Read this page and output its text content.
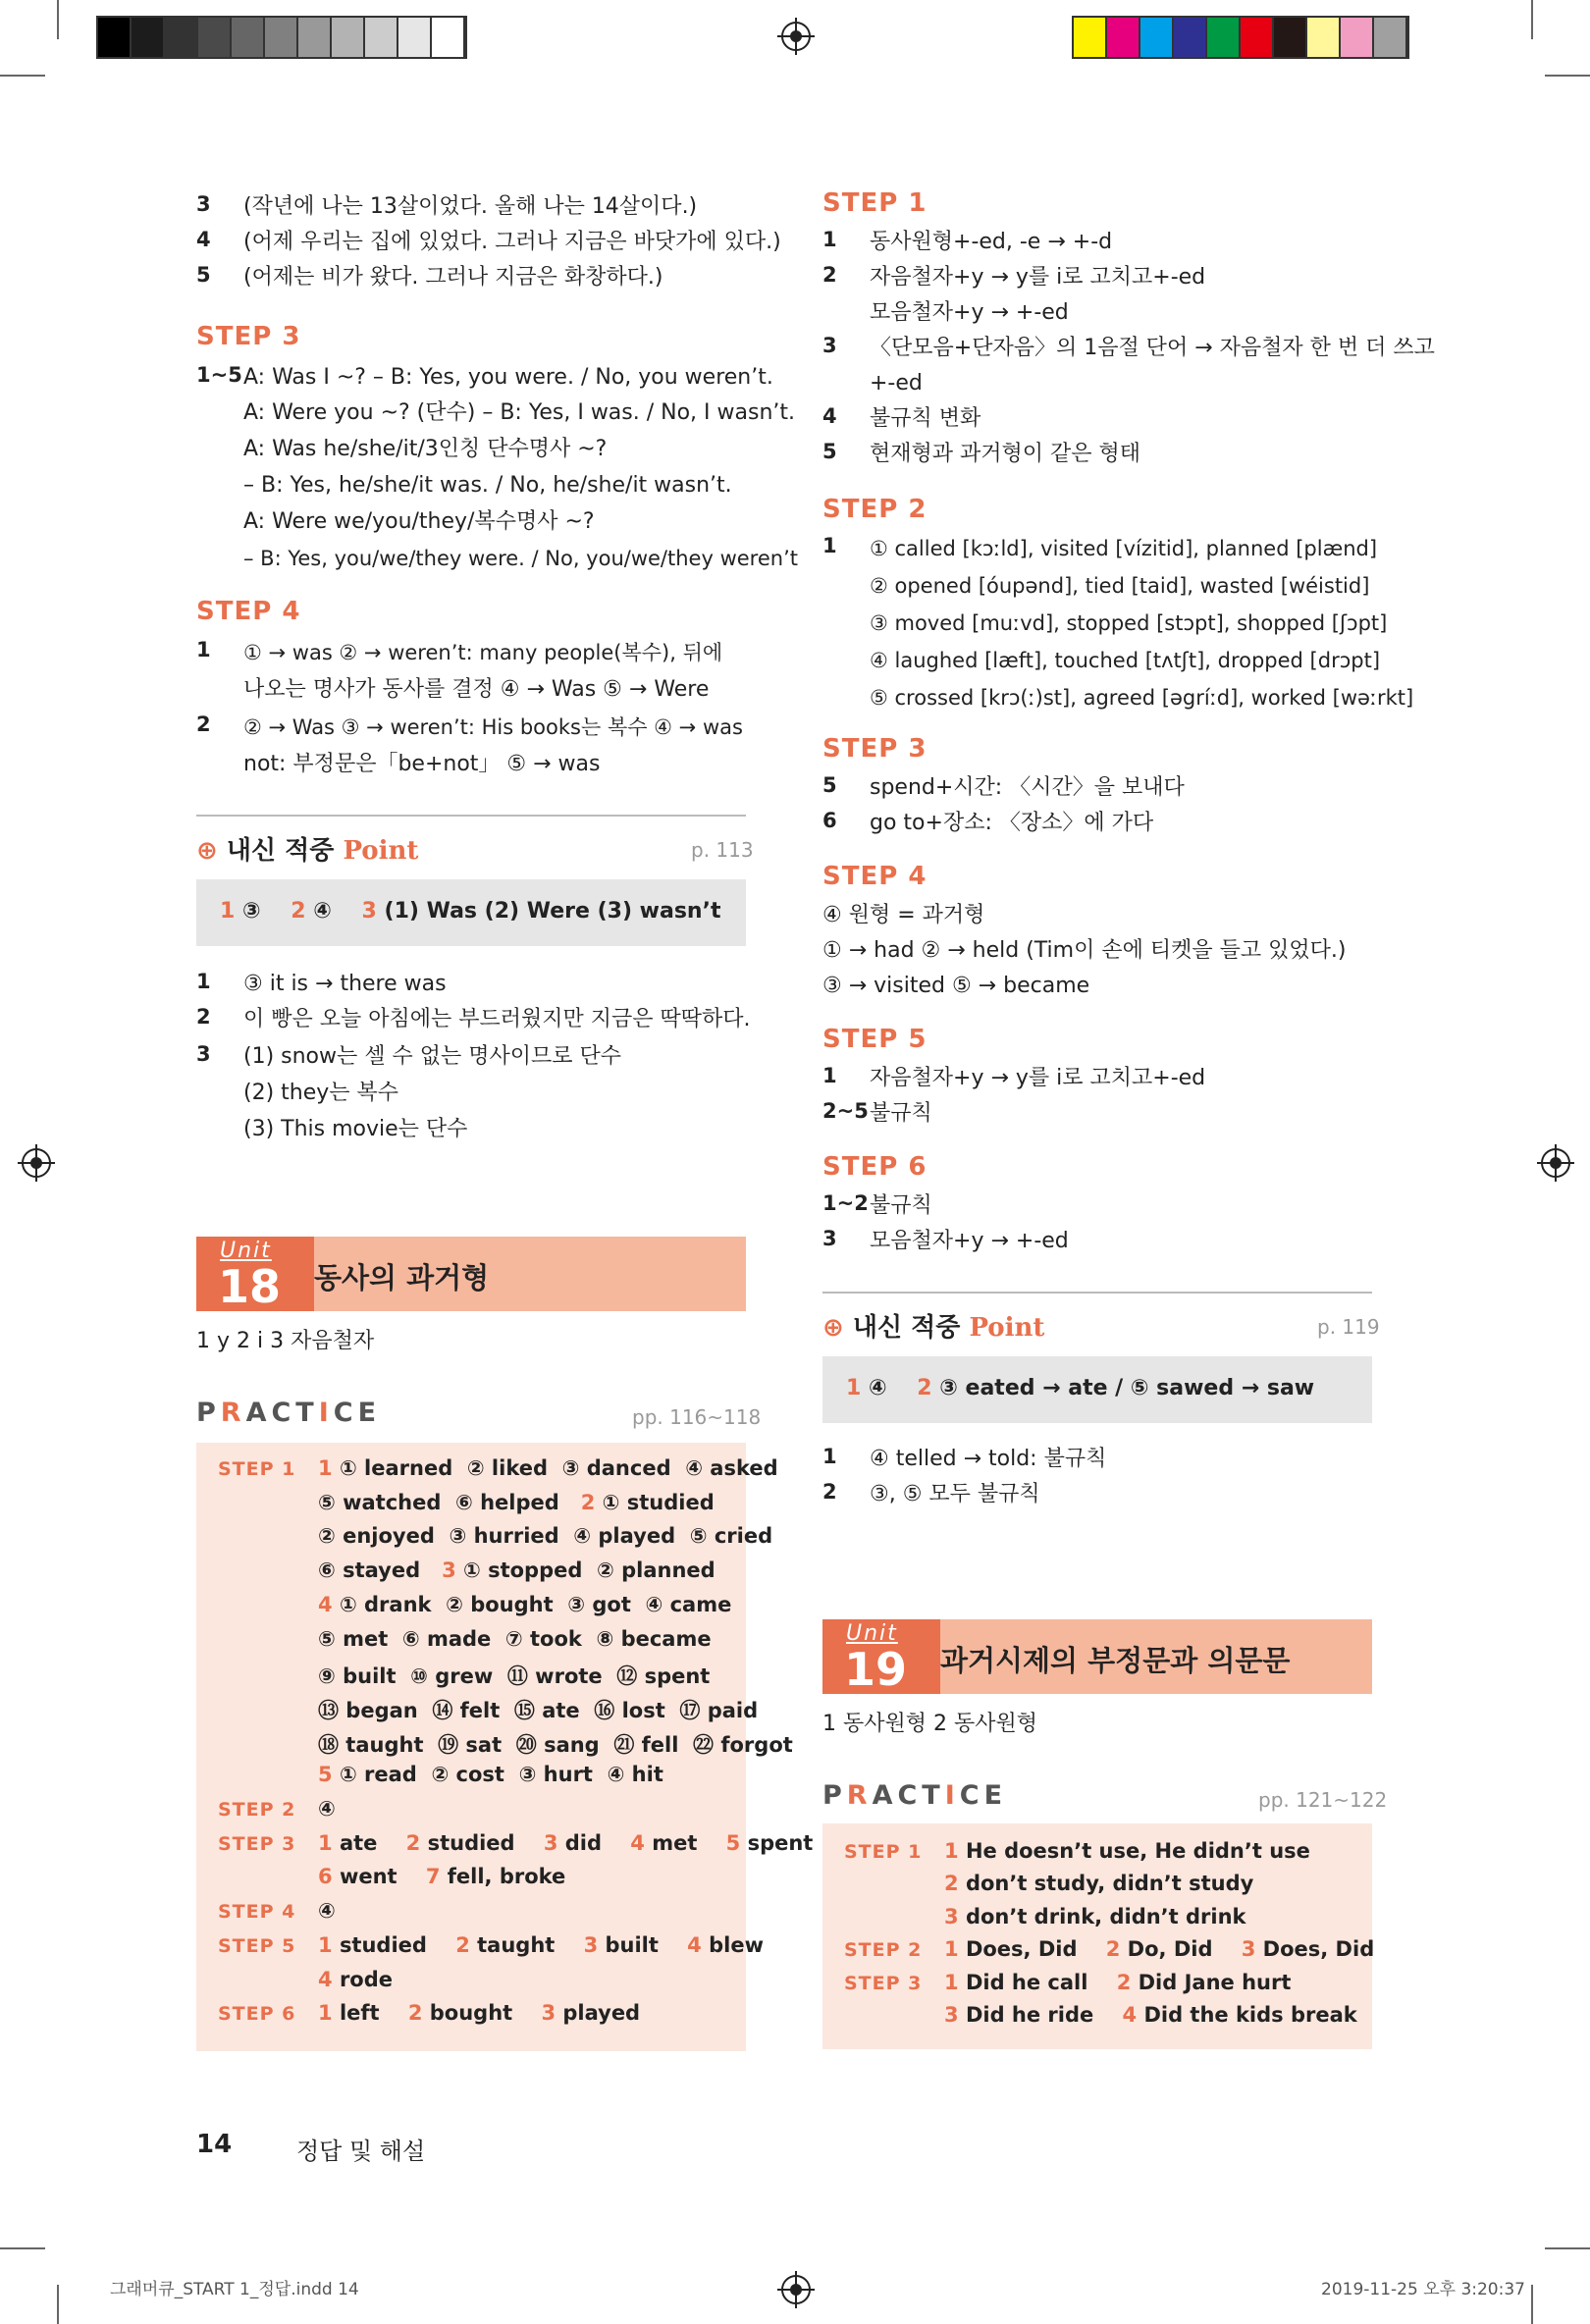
3 (작년에 나는 13살이었다. 올해 나는 14살이다.)
4 (어제 우리는 집에 있었다. 그러나 지금은 바닷가에 있다.)
5 (어제는 비가 왔다. 그러나 지금은 화창하다.)
STEP 3
1~5 A: Was I ~? – B: Yes, you were. / No, you weren’t.
A: Were you ~? (단수) – B: Yes, I was. / No, I wasn’t.
A: Was he/she/it/3인칭 단수명사 ~?
– B: Yes, he/she/it was. / No, he/she/it wasn’t.
A: Were we/you/they/복수명사 ~?
– B: Yes, you/we/they were. / No, you/we/they weren’t
STEP 4
1 ① → was ② → weren’t: many people(복수), 뒤에
나오는 명사가 동사를 결정 ④ → Was ⑤ → Were
2 ② → Was ③ → weren’t: His books는 복수 ④ → was
not: 부정문은「be+not」 ⑤ → was
⊕ 내신 적중 Point	p. 113
1 ③ 2 ④ 3 (1) Was (2) Were (3) wasn’t
1 ③ it is → there was
2 이 빵은 오늘 아침에는 부드러웠지만 지금은 딱딱하다.
3 (1) snow는 셀 수 없는 명사이므로 단수
(2) they는 복수
(3) This movie는 단수
Unit
18 동사의 과거형
1 y 2 i 3 자음철자
PRACTICE	pp. 116~118
STEP 1 1 ① learned  ② liked  ③ danced  ④ asked
⑤ watched  ⑥ helped   2 ① studied
② enjoyed  ③ hurried  ④ played  ⑤ cried
⑥ stayed   3 ① stopped  ② planned
4 ① drank  ② bought  ③ got  ④ came
⑤ met  ⑥ made  ⑦ took  ⑧ became
⑨ built  ⑩ grew  ⑪ wrote  ⑫ spent
⑬ began  ⑭ felt  ⑮ ate  ⑯ lost  ⑰ paid
⑱ taught  ⑲ sat  ⑳ sang  ㉑ fell  ㉒ forgot
5 ① read  ② cost  ③ hurt  ④ hit
STEP 2 ④
STEP 3 1 ate    2 studied    3 did    4 met    5 spent
6 went    7 fell, broke
STEP 4 ④
STEP 5 1 studied    2 taught    3 built    4 blew
4 rode
STEP 6 1 left    2 bought    3 played
STEP 1
1 동사원형+-ed, -e → +-d
2 자음철자+y → y를 i로 고치고+-ed
모음철자+y → +-ed
3 〈단모음+단자음〉의 1음절 단어 → 자음철자 한 번 더 쓰고
+-ed
4 불규칙 변화
5 현재형과 과거형이 같은 형태
STEP 2
1 ① called [kɔːld], visited [vízitid], planned [plænd]
② opened [óupənd], tied [taid], wasted [wéistid]
③ moved [muːvd], stopped [stɔpt], shopped [ʃɔpt]
④ laughed [læft], touched [tʌtʃt], dropped [drɔpt]
⑤ crossed [krɔ(ː)st], agreed [əgríːd], worked [wəːrkt]
STEP 3
5 spend+시간: 〈시간〉을 보내다
6 go to+장소: 〈장소〉에 가다
STEP 4
④ 원형 = 과거형
① → had ② → held (Tim이 손에 티켓을 들고 있었다.)
③ → visited ⑤ → became
STEP 5
1 자음철자+y → y를 i로 고치고+-ed
2~5 불규칙
STEP 6
1~2 불규칙
3 모음철자+y → +-ed
⊕ 내신 적중 Point	p. 119
1 ④ 2 ③ eated → ate / ⑤ sawed → saw
1 ④ telled → told: 불규칙
2 ③, ⑤ 모두 불규칙
Unit
19 과거시제의 부정문과 의문문
1 동사원형 2 동사원형
PRACTICE	pp. 121~122
STEP 1 1 He doesn’t use, He didn’t use
2 don’t study, didn’t study
3 don’t drink, didn’t drink
STEP 2 1 Does, Did    2 Do, Did    3 Does, Did
STEP 3 1 Did he call    2 Did Jane hurt
3 Did he ride    4 Did the kids break
14	정답 및 해설
그래머큐_START 1_정답.indd 14	2019-11-25 오후 3:20:37
